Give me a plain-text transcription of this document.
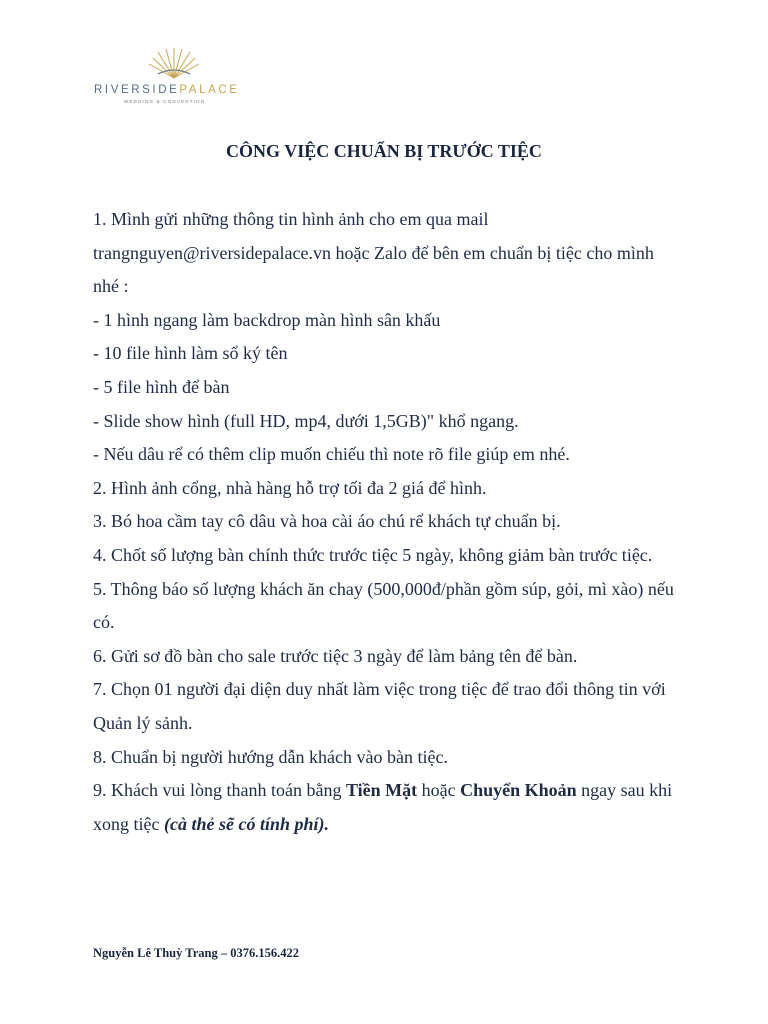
RIVERSIDEPALACE
WEDDING & CONVENTION
CÔNG VIỆC CHUẨN BỊ TRƯỚC TIỆC

1. Mình gửi những thông tin hình ảnh cho em qua mail trangnguyen@riversidepalace.vn hoặc Zalo để bên em chuẩn bị tiệc cho mình nhé :

- 1 hình ngang làm backdrop màn hình sân khấu

- 10 file hình làm sổ ký tên

- 5 file hình để bàn

- Slide show hình (full HD, mp4, dưới 1,5GB)" khổ ngang.

- Nếu dâu rể có thêm clip muốn chiếu thì note rõ file giúp em nhé.

2. Hình ảnh cổng, nhà hàng hỗ trợ tối đa 2 giá để hình.

3. Bó hoa cầm tay cô dâu và hoa cài áo chú rể khách tự chuẩn bị.

4. Chốt số lượng bàn chính thức trước tiệc 5 ngày, không giảm bàn trước tiệc.

5. Thông báo số lượng khách ăn chay (500,000đ/phần gồm súp, gỏi, mì xào) nếu có.

6. Gửi sơ đồ bàn cho sale trước tiệc 3 ngày để làm bảng tên để bàn.

7. Chọn 01 người đại diện duy nhất làm việc trong tiệc để trao đổi thông tin với Quản lý sảnh.

8. Chuẩn bị người hướng dẫn khách vào bàn tiệc.

9. Khách vui lòng thanh toán bằng Tiền Mặt hoặc Chuyển Khoản ngay sau khi xong tiệc (cà thẻ sẽ có tính phí).

Nguyễn Lê Thuỳ Trang – 0376.156.422
